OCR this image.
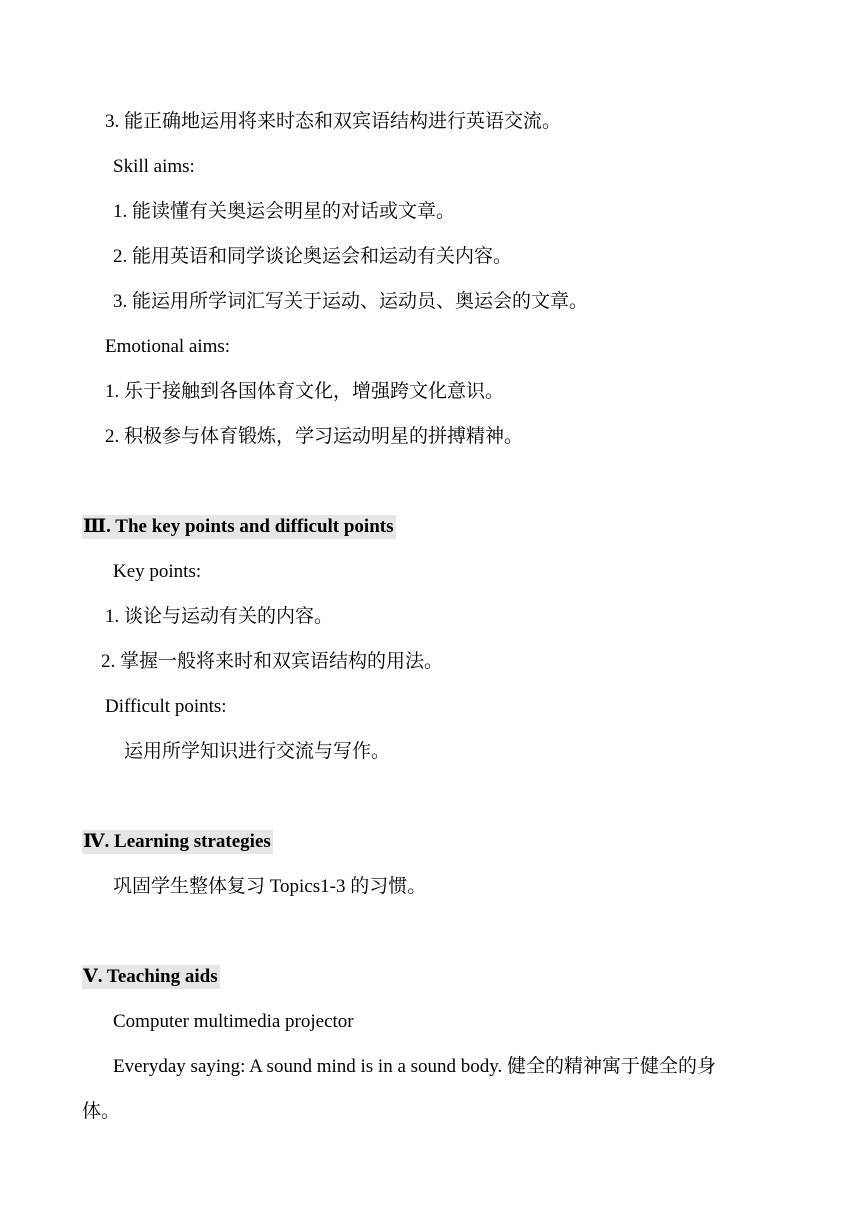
3. 能正确地运用将来时态和双宾语结构进行英语交流。
Skill aims:
1. 能读懂有关奥运会明星的对话或文章。
2. 能用英语和同学谈论奥运会和运动有关内容。
3. 能运用所学词汇写关于运动、运动员、奥运会的文章。
Emotional aims:
1. 乐于接触到各国体育文化，增强跨文化意识。
2. 积极参与体育锻炼，学习运动明星的拼搏精神。
Ⅲ. The key points and difficult points
Key points:
1. 谈论与运动有关的内容。
2. 掌握一般将来时和双宾语结构的用法。
Difficult points:
运用所学知识进行交流与写作。
Ⅳ. Learning strategies
巩固学生整体复习 Topics1-3 的习惯。
Ⅴ. Teaching aids
Computer multimedia projector
Everyday saying: A sound mind is in a sound body. 健全的精神寓于健全的身
体。
